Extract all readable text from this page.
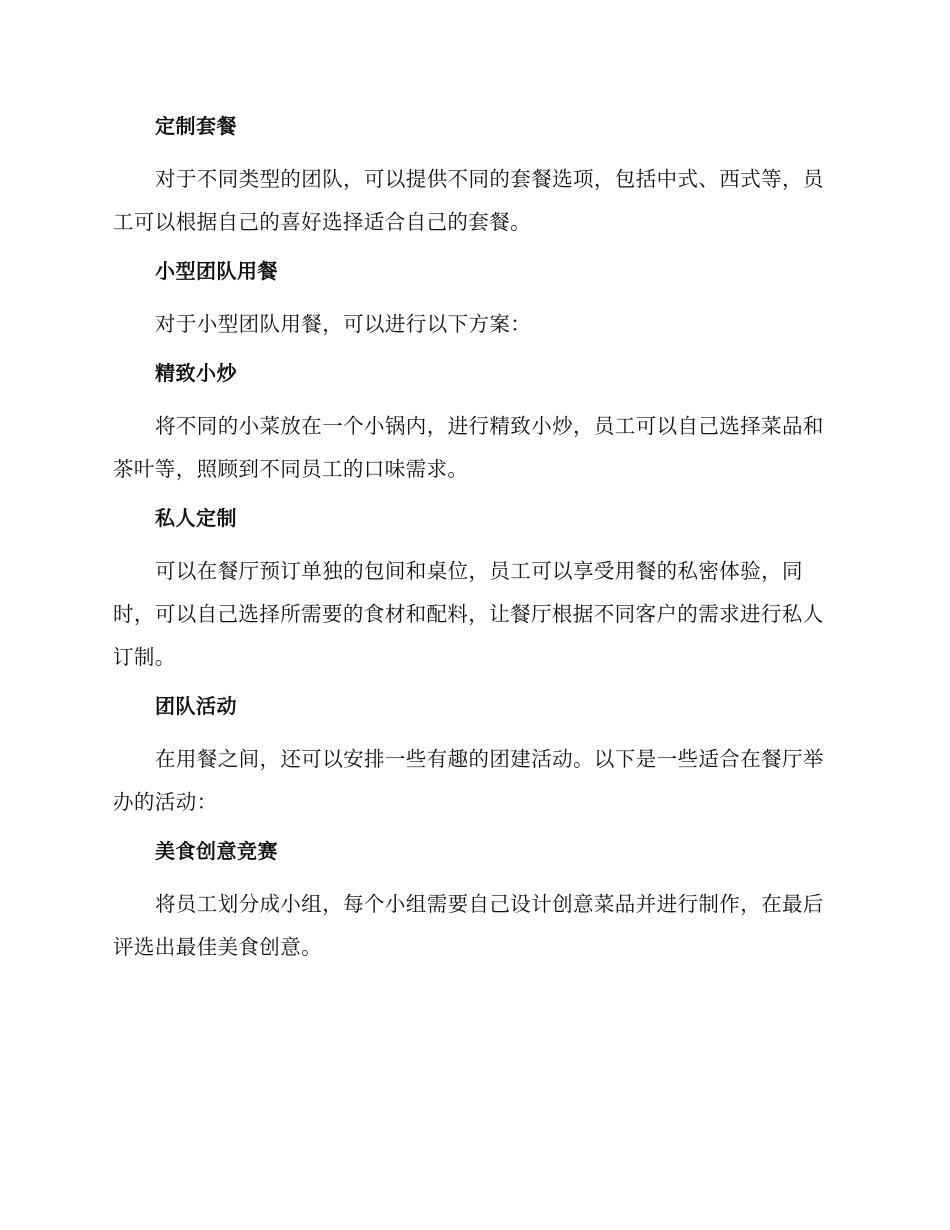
定制套餐

对于不同类型的团队，可以提供不同的套餐选项，包括中式、西式等，员工可以根据自己的喜好选择适合自己的套餐。

小型团队用餐

对于小型团队用餐，可以进行以下方案：

精致小炒

将不同的小菜放在一个小锅内，进行精致小炒，员工可以自己选择菜品和茶叶等，照顾到不同员工的口味需求。

私人定制

可以在餐厅预订单独的包间和桌位，员工可以享受用餐的私密体验，同时，可以自己选择所需要的食材和配料，让餐厅根据不同客户的需求进行私人订制。

团队活动

在用餐之间，还可以安排一些有趣的团建活动。以下是一些适合在餐厅举办的活动：

美食创意竞赛

将员工划分成小组，每个小组需要自己设计创意菜品并进行制作，在最后评选出最佳美食创意。
